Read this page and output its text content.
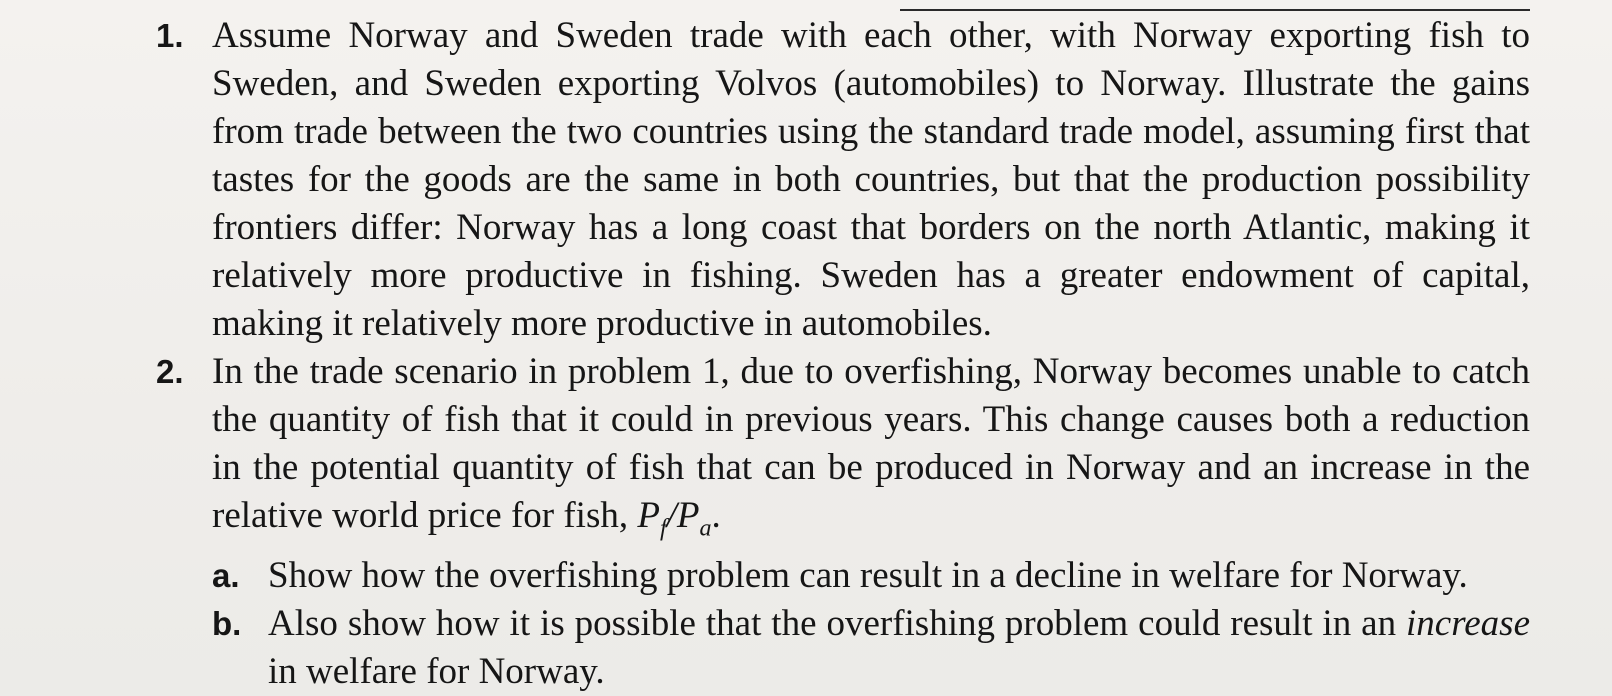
1. Assume Norway and Sweden trade with each other, with Norway exporting fish to Sweden, and Sweden exporting Volvos (automobiles) to Norway. Illustrate the gains from trade between the two countries using the standard trade model, assuming first that tastes for the goods are the same in both countries, but that the production possibility frontiers differ: Norway has a long coast that borders on the north Atlantic, making it relatively more productive in fishing. Sweden has a greater endowment of capital, making it relatively more productive in automobiles.
2. In the trade scenario in problem 1, due to overfishing, Norway becomes unable to catch the quantity of fish that it could in previous years. This change causes both a reduction in the potential quantity of fish that can be produced in Norway and an increase in the relative world price for fish, $P_f/P_a$.
a. Show how the overfishing problem can result in a decline in welfare for Norway.
b. Also show how it is possible that the overfishing problem could result in an increase in welfare for Norway.
